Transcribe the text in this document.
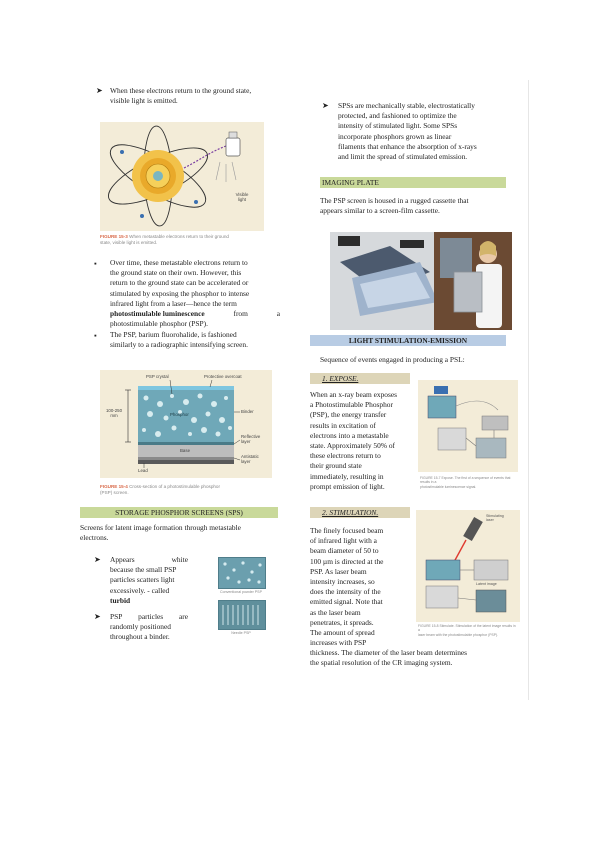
➤ When these electrons return to the ground state,
visible light is emitted.
Visible
light
FIGURE 15-3 When metastable electrons return to their ground
state, visible light is emitted.
▪ Over time, these metastable electrons return to
the ground state on their own. However, this
return to the ground state can be accelerated or
stimulated by exposing the phosphor to intense
infrared light from a laser—hence the term
photostimulable luminescence	from	a
photostimulable phosphor (PSP).
▪ The PSP, barium fluorohalide, is fashioned
similarly to a radiographic intensifying screen.
PSP crystal	Protective overcoat
100-250
mm	Phosphor
Binder
Reflective
layer
Base
Antistatic
layer
Lead
FIGURE 15-4 Cross-section of a photostimulable phosphor
(PSP) screen.
STORAGE PHOSPHOR SCREENS (SPS)
Screens for latent image formation through metastable
electrons.
➤ Appears	white
because the small PSP
particles scatters light
excessively. - called
turbid
➤ PSP particles are
randomly positioned
throughout a binder.
Conventional powder PSP
Needle PSP
➤ SPSs are mechanically stable, electrostatically
protected, and fashioned to optimize the
intensity of stimulated light. Some SPSs
incorporate phosphors grown as linear
filaments that enhance the absorption of x-rays
and limit the spread of stimulated emission.
IMAGING PLATE
The PSP screen is housed in a rugged cassette that
appears similar to a screen-film cassette.
LIGHT STIMULATION-EMISSION
Sequence of events engaged in producing a PSL:
1. EXPOSE.
When an x-ray beam exposes
a Photostimulable Phosphor
(PSP), the energy transfer
results in excitation of
electrons into a metastable
state. Approximately 50% of
these electrons return to
their ground state
immediately, resulting in
prompt emission of light.
FIGURE 15-7 Expose. The first of a sequence of events that results in a
photostimulable luminescence signal.
2. STIMULATION.
The finely focused beam
of infrared light with a
beam diameter of 50 to
100 µm is directed at the
PSP. As laser beam
intensity increases, so
does the intensity of the
emitted signal. Note that
as the laser beam
penetrates, it spreads.
The amount of spread
increases with PSP
thickness. The diameter of the laser beam determines
the spatial resolution of the CR imaging system.
Stimulating
laser
Latent image
FIGURE 15-8 Stimulate. Stimulation of the latent image results in a
laser beam with the photostimulable phosphor (PSP).
